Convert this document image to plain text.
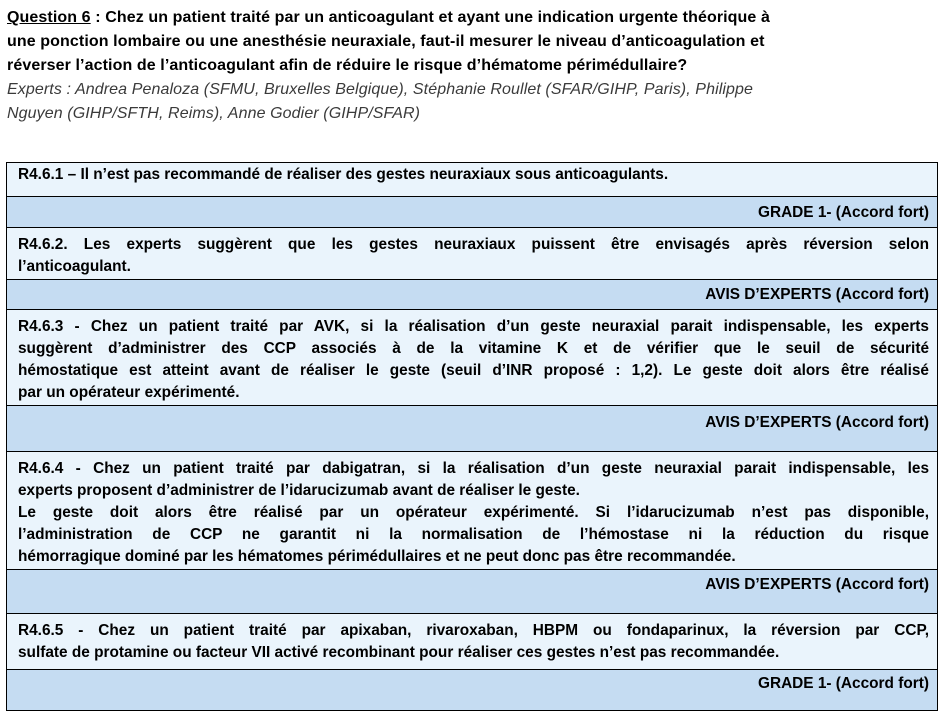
Question 6 : Chez un patient traité par un anticoagulant et ayant une indication urgente théorique à
une ponction lombaire ou une anesthésie neuraxiale, faut-il mesurer le niveau d’anticoagulation et
réverser l’action de l’anticoagulant afin de réduire le risque d’hématome périmédullaire?
Experts : Andrea Penaloza (SFMU, Bruxelles Belgique), Stéphanie Roullet (SFAR/GIHP, Paris), Philippe
Nguyen (GIHP/SFTH, Reims), Anne Godier (GIHP/SFAR)
R4.6.1 – Il n’est pas recommandé de réaliser des gestes neuraxiaux sous anticoagulants.
GRADE 1- (Accord fort)
R4.6.2. Les experts suggèrent que les gestes neuraxiaux puissent être envisagés après réversion selon
l’anticoagulant.
AVIS D’EXPERTS (Accord fort)
R4.6.3 - Chez un patient traité par AVK, si la réalisation d’un geste neuraxial parait indispensable, les experts
suggèrent d’administrer des CCP associés à de la vitamine K et de vérifier que le seuil de sécurité
hémostatique est atteint avant de réaliser le geste (seuil d’INR proposé : 1,2). Le geste doit alors être réalisé
par un opérateur expérimenté.
AVIS D’EXPERTS (Accord fort)
R4.6.4 - Chez un patient traité par dabigatran, si la réalisation d’un geste neuraxial parait indispensable, les
experts proposent d’administrer de l’idarucizumab avant de réaliser le geste.
Le geste doit alors être réalisé par un opérateur expérimenté. Si l’idarucizumab n’est pas disponible,
l’administration de CCP ne garantit ni la normalisation de l’hémostase ni la réduction du risque
hémorragique dominé par les hématomes périmédullaires et ne peut donc pas être recommandée.
AVIS D’EXPERTS (Accord fort)
R4.6.5 - Chez un patient traité par apixaban, rivaroxaban, HBPM ou fondaparinux, la réversion par CCP,
sulfate de protamine ou facteur VII activé recombinant pour réaliser ces gestes n’est pas recommandée.
GRADE 1- (Accord fort)
